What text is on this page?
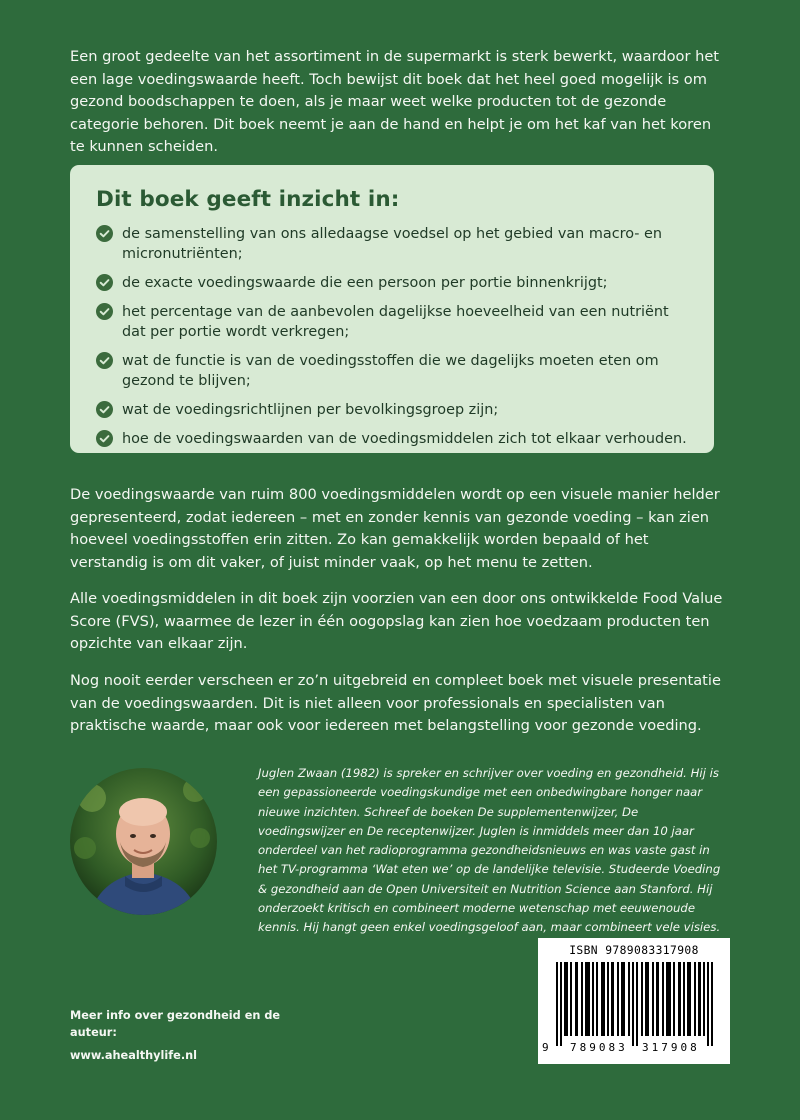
Een groot gedeelte van het assortiment in de supermarkt is sterk bewerkt, waardoor het een lage voedingswaarde heeft. Toch bewijst dit boek dat het heel goed mogelijk is om gezond boodschappen te doen, als je maar weet welke producten tot de gezonde categorie behoren. Dit boek neemt je aan de hand en helpt je om het kaf van het koren te kunnen scheiden.

Dit boek geeft inzicht in:
de samenstelling van ons alledaagse voedsel op het gebied van macro- en micronutriënten;
de exacte voedingswaarde die een persoon per portie binnenkrijgt;
het percentage van de aanbevolen dagelijkse hoeveelheid van een nutriënt dat per portie wordt verkregen;
wat de functie is van de voedingsstoffen die we dagelijks moeten eten om gezond te blijven;
wat de voedingsrichtlijnen per bevolkingsgroep zijn;
hoe de voedingswaarden van de voedingsmiddelen zich tot elkaar verhouden.

De voedingswaarde van ruim 800 voedingsmiddelen wordt op een visuele manier helder gepresenteerd, zodat iedereen – met en zonder kennis van gezonde voeding – kan zien hoeveel voedingsstoffen erin zitten. Zo kan gemakkelijk worden bepaald of het verstandig is om dit vaker, of juist minder vaak, op het menu te zetten.

Alle voedingsmiddelen in dit boek zijn voorzien van een door ons ontwikkelde Food Value Score (FVS), waarmee de lezer in één oogopslag kan zien hoe voedzaam producten ten opzichte van elkaar zijn.

Nog nooit eerder verscheen er zo’n uitgebreid en compleet boek met visuele presentatie van de voedingswaarden. Dit is niet alleen voor professionals en specialisten van praktische waarde, maar ook voor iedereen met belangstelling voor gezonde voeding.

Juglen Zwaan (1982) is spreker en schrijver over voeding en gezondheid. Hij is een gepassioneerde voedingskundige met een onbedwingbare honger naar nieuwe inzichten. Schreef de boeken De supplementenwijzer, De voedingswijzer en De receptenwijzer. Juglen is inmiddels meer dan 10 jaar onderdeel van het radioprogramma gezondheidsnieuws en was vaste gast in het TV-programma ‘Wat eten we’ op de landelijke televisie. Studeerde Voeding & gezondheid aan de Open Universiteit en Nutrition Science aan Stanford. Hij onderzoekt kritisch en combineert moderne wetenschap met eeuwenoude kennis. Hij hangt geen enkel voedingsgeloof aan, maar combineert vele visies.

ISBN 9789083317908
9 789083 317908

Meer info over gezondheid en de auteur:

www.ahealthylife.nl
